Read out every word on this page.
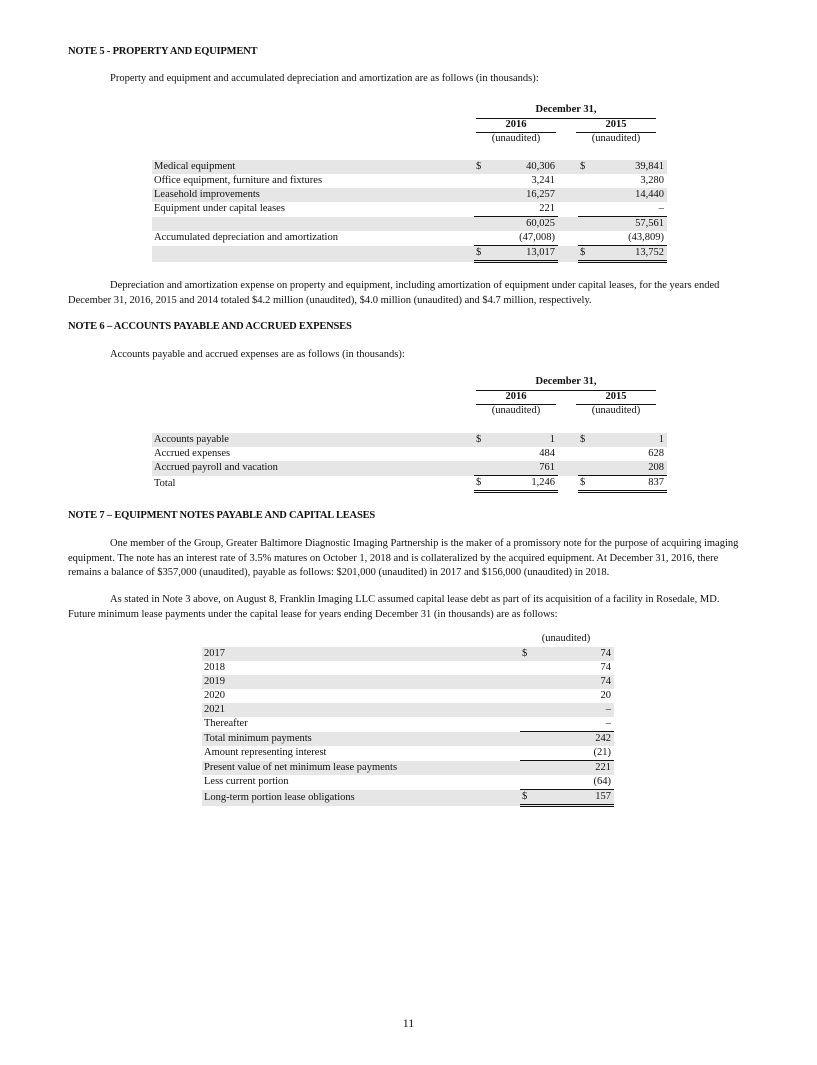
NOTE 5 - PROPERTY AND EQUIPMENT
Property and equipment and accumulated depreciation and amortization are as follows (in thousands):
December 31,
2016	2015
(unaudited)	(unaudited)
Medical equipment	$	40,306		$	39,841
Office equipment, furniture and fixtures		3,241			3,280
Leasehold improvements		16,257			14,440
Equipment under capital leases		221			–
		60,025			57,561
Accumulated depreciation and amortization		(47,008)			(43,809)
	$	13,017		$	13,752
Depreciation and amortization expense on property and equipment, including amortization of equipment under capital leases, for the years ended December 31, 2016, 2015 and 2014 totaled $4.2 million (unaudited), $4.0 million (unaudited) and $4.7 million, respectively.
NOTE 6 – ACCOUNTS PAYABLE AND ACCRUED EXPENSES
Accounts payable and accrued expenses are as follows (in thousands):
December 31,
2016	2015
(unaudited)	(unaudited)
Accounts payable	$	1		$	1
Accrued expenses		484			628
Accrued payroll and vacation		761			208
Total	$	1,246		$	837
NOTE 7 – EQUIPMENT NOTES PAYABLE AND CAPITAL LEASES
One member of the Group, Greater Baltimore Diagnostic Imaging Partnership is the maker of a promissory note for the purpose of acquiring imaging equipment. The note has an interest rate of 3.5% matures on October 1, 2018 and is collateralized by the acquired equipment. At December 31, 2016, there remains a balance of $357,000 (unaudited), payable as follows: $201,000 (unaudited) in 2017 and $156,000 (unaudited) in 2018.
As stated in Note 3 above, on August 8, Franklin Imaging LLC assumed capital lease debt as part of its acquisition of a facility in Rosedale, MD. Future minimum lease payments under the capital lease for years ending December 31 (in thousands) are as follows:
(unaudited)
2017	$	74
2018		74
2019		74
2020		20
2021		–
Thereafter		–
Total minimum payments		242
Amount representing interest		(21)
Present value of net minimum lease payments		221
Less current portion		(64)
Long-term portion lease obligations	$	157
11
